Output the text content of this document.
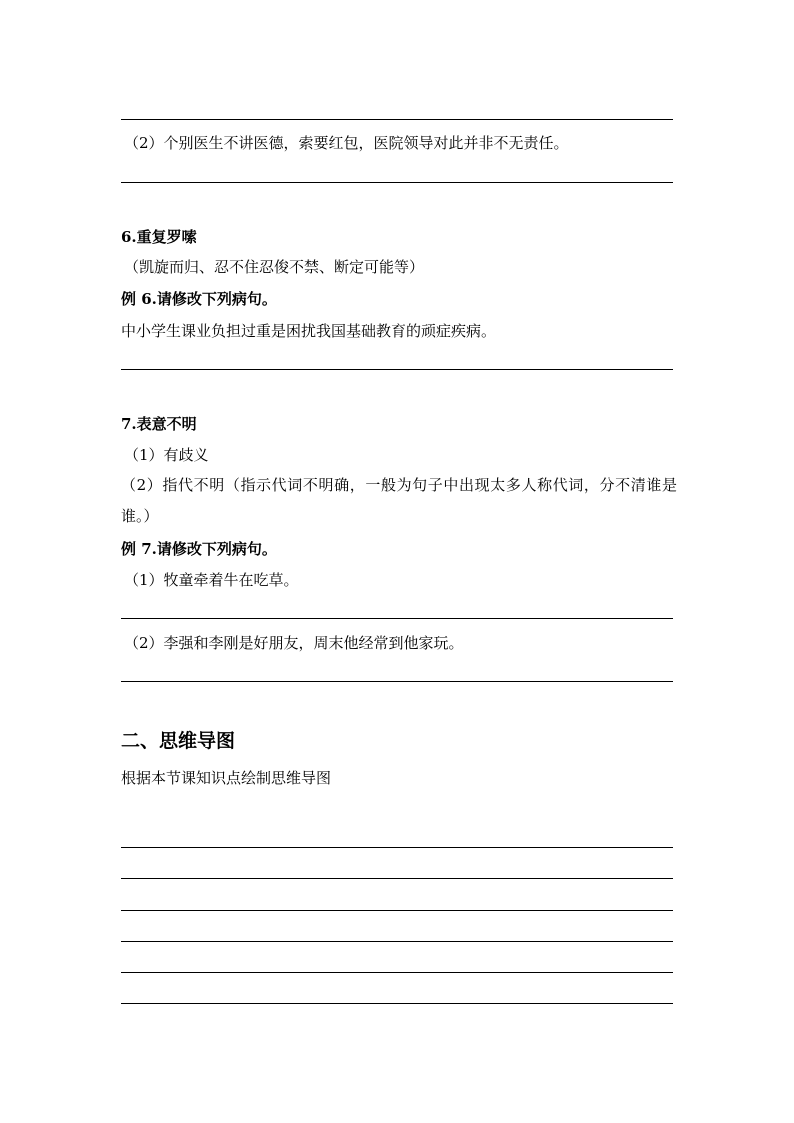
（2）个别医生不讲医德，索要红包，医院领导对此并非不无责任。
6.重复罗嗦
（凯旋而归、忍不住忍俊不禁、断定可能等）
例 6.请修改下列病句。
中小学生课业负担过重是困扰我国基础教育的顽症疾病。
7.表意不明
（1）有歧义
（2）指代不明（指示代词不明确，一般为句子中出现太多人称代词，分不清谁是谁。）
例 7.请修改下列病句。
（1）牧童牵着牛在吃草。
（2）李强和李刚是好朋友，周末他经常到他家玩。
二、思维导图
根据本节课知识点绘制思维导图
